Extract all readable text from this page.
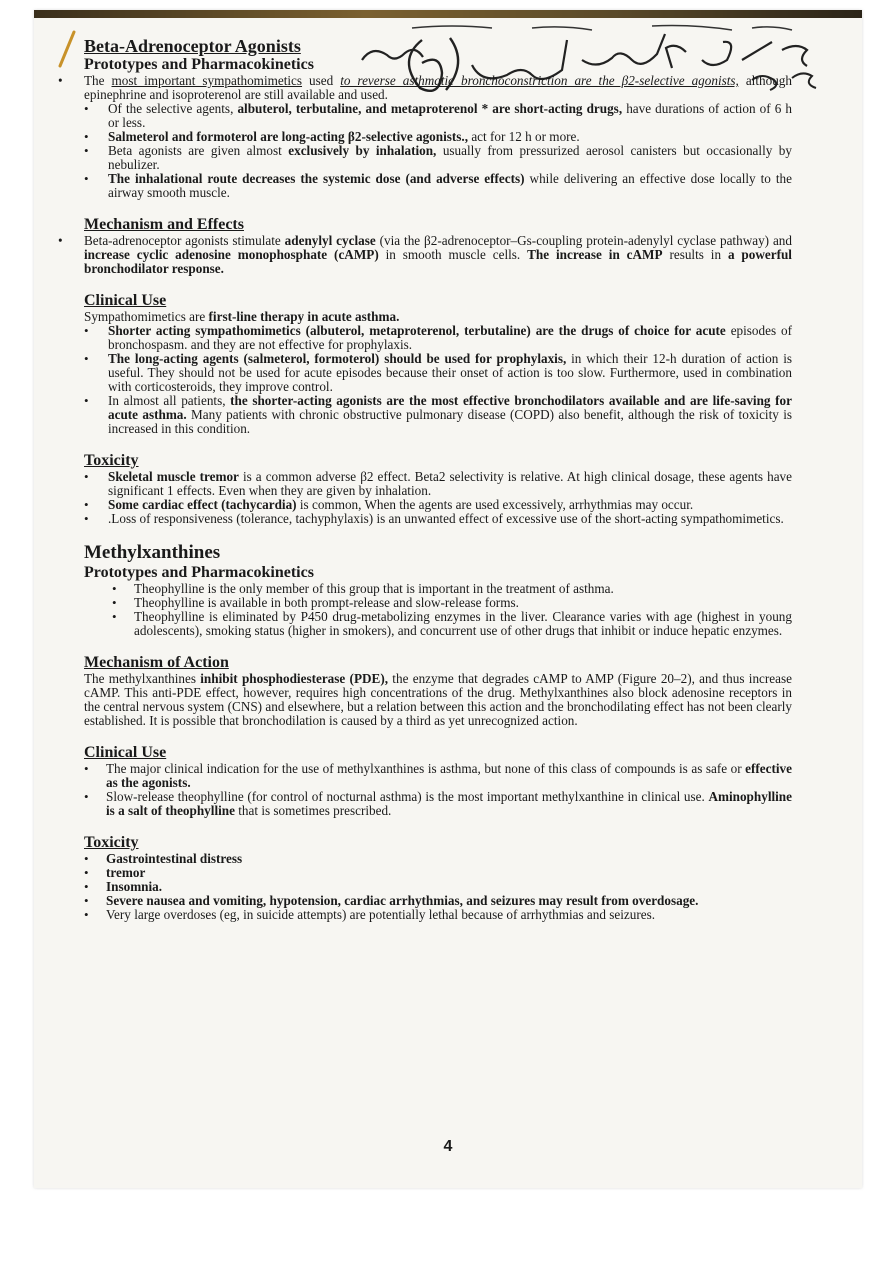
Beta-Adrenoceptor Agonists
Prototypes and Pharmacokinetics

• The most important sympathomimetics used to reverse asthmatic bronchoconstriction are the β2-selective agonists, although epinephrine and isoproterenol are still available and used.

• Of the selective agents, albuterol, terbutaline, and metaproterenol * are short-acting drugs, have durations of action of 6 h or less.
• Salmeterol and formoterol are long-acting β2-selective agonists., act for 12 h or more.
• Beta agonists are given almost exclusively by inhalation, usually from pressurized aerosol canisters but occasionally by nebulizer.
• The inhalational route decreases the systemic dose (and adverse effects) while delivering an effective dose locally to the airway smooth muscle.
Mechanism and Effects

• Beta-adrenoceptor agonists stimulate adenylyl cyclase (via the β2-adrenoceptor–Gs-coupling protein-adenylyl cyclase pathway) and increase cyclic adenosine monophosphate (cAMP) in smooth muscle cells. The increase in cAMP results in a powerful bronchodilator response.

Clinical Use

Sympathomimetics are first-line therapy in acute asthma.

• Shorter acting sympathomimetics (albuterol, metaproterenol, terbutaline) are the drugs of choice for acute episodes of bronchospasm. and they are not effective for prophylaxis.
• The long-acting agents (salmeterol, formoterol) should be used for prophylaxis, in which their 12-h duration of action is useful. They should not be used for acute episodes because their onset of action is too slow. Furthermore, used in combination with corticosteroids, they improve control.
• In almost all patients, the shorter-acting agonists are the most effective bronchodilators available and are life-saving for acute asthma. Many patients with chronic obstructive pulmonary disease (COPD) also benefit, although the risk of toxicity is increased in this condition.
Toxicity
• Skeletal muscle tremor is a common adverse β2 effect. Beta2 selectivity is relative. At high clinical dosage, these agents have significant 1 effects. Even when they are given by inhalation.
• Some cardiac effect (tachycardia) is common, When the agents are used excessively, arrhythmias may occur.
• .Loss of responsiveness (tolerance, tachyphylaxis) is an unwanted effect of excessive use of the short-acting sympathomimetics.
Methylxanthines
Prototypes and Pharmacokinetics
• Theophylline is the only member of this group that is important in the treatment of asthma.
• Theophylline is available in both prompt-release and slow-release forms.
• Theophylline is eliminated by P450 drug-metabolizing enzymes in the liver. Clearance varies with age (highest in young adolescents), smoking status (higher in smokers), and concurrent use of other drugs that inhibit or induce hepatic enzymes.
Mechanism of Action

The methylxanthines inhibit phosphodiesterase (PDE), the enzyme that degrades cAMP to AMP (Figure 20–2), and thus increase cAMP. This anti-PDE effect, however, requires high concentrations of the drug. Methylxanthines also block adenosine receptors in the central nervous system (CNS) and elsewhere, but a relation between this action and the bronchodilating effect has not been clearly established. It is possible that bronchodilation is caused by a third as yet unrecognized action.

Clinical Use
• The major clinical indication for the use of methylxanthines is asthma, but none of this class of compounds is as safe or effective as the agonists.
• Slow-release theophylline (for control of nocturnal asthma) is the most important methylxanthine in clinical use. Aminophylline is a salt of theophylline that is sometimes prescribed.
Toxicity
• Gastrointestinal distress
• tremor
• Insomnia.
• Severe nausea and vomiting, hypotension, cardiac arrhythmias, and seizures may result from overdosage.
• Very large overdoses (eg, in suicide attempts) are potentially lethal because of arrhythmias and seizures.
4
